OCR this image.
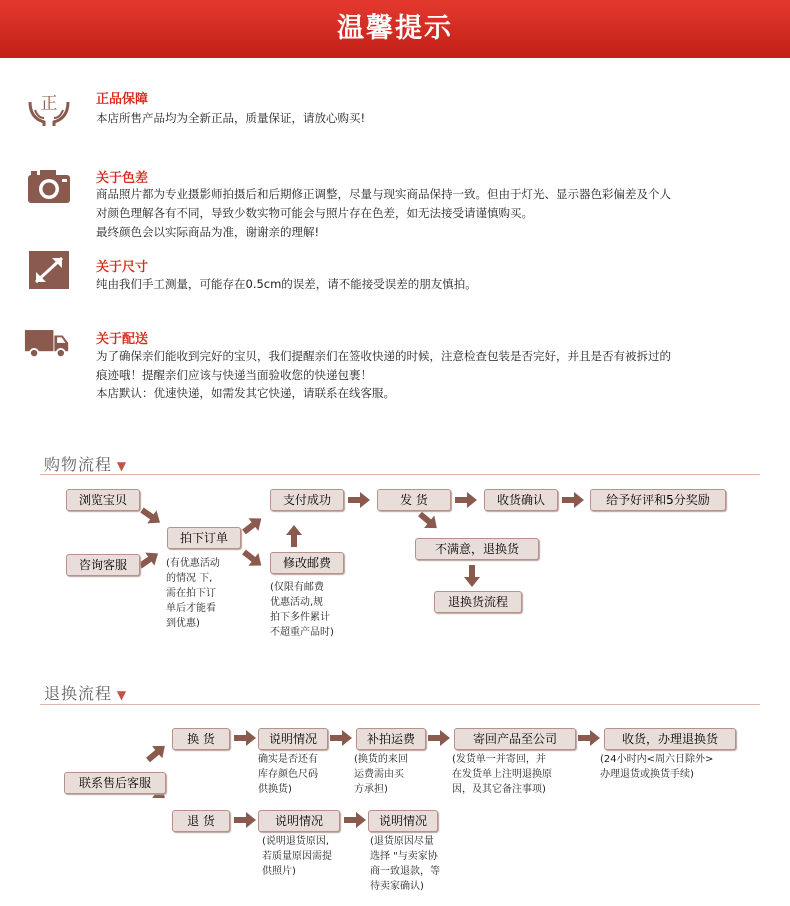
温馨提示
正	正品保障
本店所售产品均为全新正品，质量保证，请放心购买!
关于色差
商品照片都为专业摄影师拍摄后和后期修正调整，尽量与现实商品保持一致。但由于灯光、显示器色彩偏差及个人
对颜色理解各有不同，导致少数实物可能会与照片存在色差，如无法接受请谨慎购买。
最终颜色会以实际商品为准，谢谢亲的理解!
关于尺寸
纯由我们手工测量，可能存在0.5cm的误差，请不能接受误差的朋友慎拍。
关于配送
为了确保亲们能收到完好的宝贝，我们提醒亲们在签收快递的时候，注意检查包装是否完好，并且是否有被拆过的
痕迹哦！提醒亲们应该与快递当面验收您的快递包裹！
本店默认：优速快递，如需发其它快递，请联系在线客服。
购物流程 ▼
退换流程 ▼
浏览宝贝
咨询客服
拍下订单
支付成功	发 货	收货确认	给予好评和5分奖励
不满意，退换货
退换货流程
修改邮费
(有优惠活动
的情况 下,
需在拍下订
单后才能看
到优惠)
(仅限有邮费
优惠活动,规
拍下多件累计
不超重产品时)
联系售后客服
换 货	说明情况	补拍运费	寄回产品至公司	收货，办理退换货
退 货	说明情况	说明情况
确实是否还有
库存颜色尺码
供换货)
(换货的来回
运费需由买
方承担)
(发货单一并寄回，并
在发货单上注明退换原
因，及其它备注事项)
(24小时内<周六日除外>
办理退货或换货手续)
(说明退货原因,
若质量原因需提
供照片)
(退货原因尽量
选择 "与卖家协
商一致退款，等
待卖家确认)
